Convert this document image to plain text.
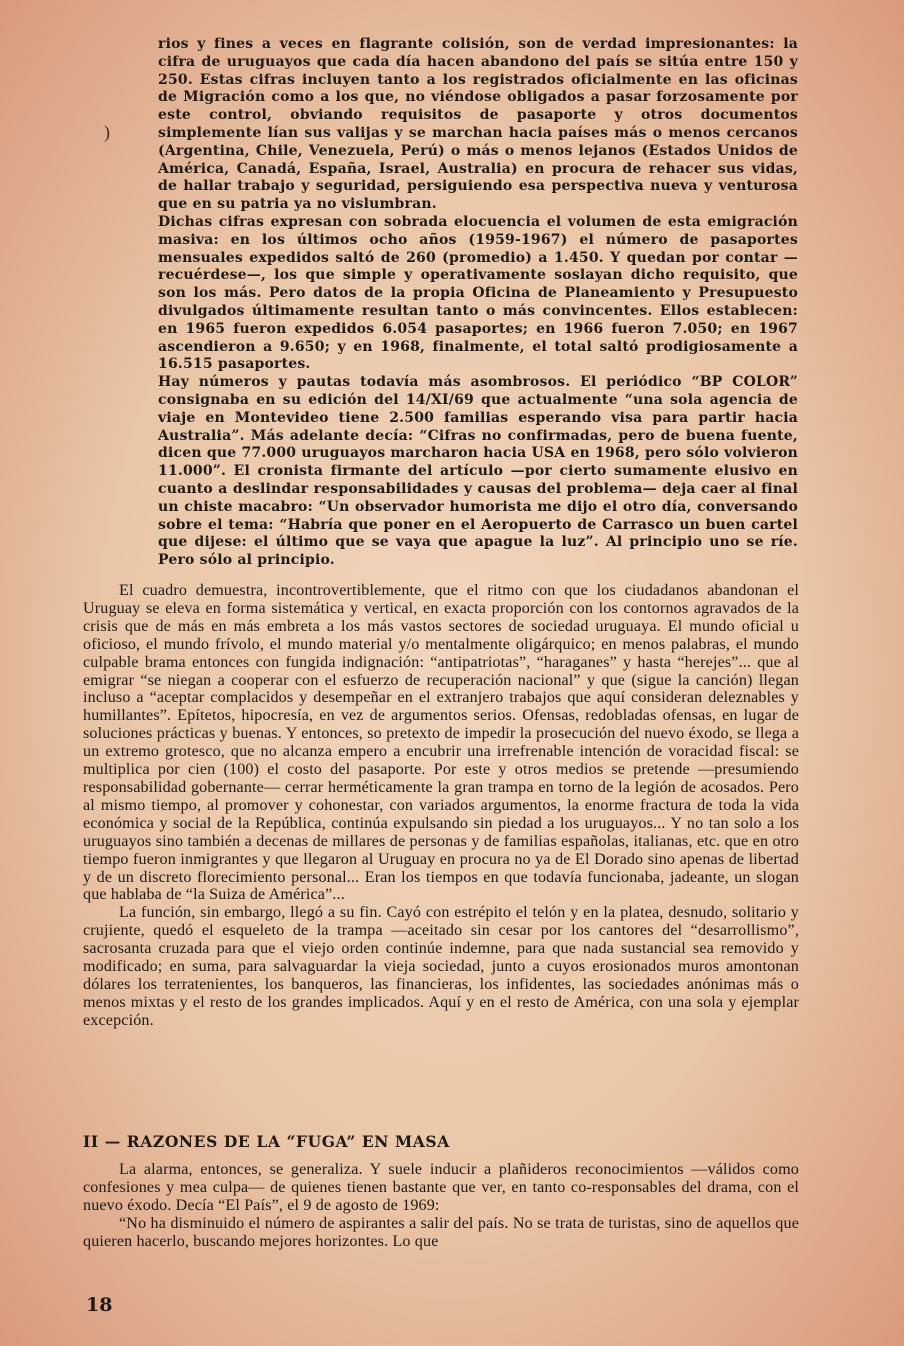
)

rios y fines a veces en flagrante colisión, son de verdad impresionantes: la cifra de uruguayos que cada día hacen abandono del país se sitúa entre 150 y 250. Estas cifras incluyen tanto a los registrados oficialmente en las oficinas de Migración como a los que, no viéndose obligados a pasar forzosamente por este control, obviando requisitos de pasaporte y otros documentos simplemente lían sus valijas y se marchan hacia países más o menos cercanos (Argentina, Chile, Venezuela, Perú) o más o menos lejanos (Estados Unidos de América, Canadá, España, Israel, Australia) en procura de rehacer sus vidas, de hallar trabajo y seguridad, persiguiendo esa perspectiva nueva y venturosa que en su patria ya no vislumbran.

Dichas cifras expresan con sobrada elocuencia el volumen de esta emigración masiva: en los últimos ocho años (1959-1967) el número de pasaportes mensuales expedidos saltó de 260 (promedio) a 1.450. Y quedan por contar —recuérdese—, los que simple y operativamente soslayan dicho requisito, que son los más. Pero datos de la propia Oficina de Planeamiento y Presupuesto divulgados últimamente resultan tanto o más convincentes. Ellos establecen: en 1965 fueron expedidos 6.054 pasaportes; en 1966 fueron 7.050; en 1967 ascendieron a 9.650; y en 1968, finalmente, el total saltó prodigiosamente a 16.515 pasaportes.

Hay números y pautas todavía más asombrosos. El periódico “BP COLOR” consignaba en su edición del 14/XI/69 que actualmente “una sola agencia de viaje en Montevideo tiene 2.500 familias esperando visa para partir hacia Australia”. Más adelante decía: “Cifras no confirmadas, pero de buena fuente, dicen que 77.000 uruguayos marcharon hacia USA en 1968, pero sólo volvieron 11.000”. El cronista firmante del artículo —por cierto sumamente elusivo en cuanto a deslindar responsabilidades y causas del problema— deja caer al final un chiste macabro: “Un observador humorista me dijo el otro día, conversando sobre el tema: “Habría que poner en el Aeropuerto de Carrasco un buen cartel que dijese: el último que se vaya que apague la luz”. Al principio uno se ríe. Pero sólo al principio.

El cuadro demuestra, incontrovertiblemente, que el ritmo con que los ciudadanos abandonan el Uruguay se eleva en forma sistemática y vertical, en exacta proporción con los contornos agravados de la crisis que de más en más embreta a los más vastos sectores de sociedad uruguaya. El mundo oficial u oficioso, el mundo frívolo, el mundo material y/o mentalmente oligárquico; en menos palabras, el mundo culpable brama entonces con fungida indignación: “antipatriotas”, “haraganes” y hasta “herejes”... que al emigrar “se niegan a cooperar con el esfuerzo de recuperación nacional” y que (sigue la canción) llegan incluso a “aceptar complacidos y desempeñar en el extranjero trabajos que aquí consideran deleznables y humillantes”. Epítetos, hipocresía, en vez de argumentos serios. Ofensas, redobladas ofensas, en lugar de soluciones prácticas y buenas. Y entonces, so pretexto de impedir la prosecución del nuevo éxodo, se llega a un extremo grotesco, que no alcanza empero a encubrir una irrefrenable intención de voracidad fiscal: se multiplica por cien (100) el costo del pasaporte. Por este y otros medios se pretende —presumiendo responsabilidad gobernante— cerrar herméticamente la gran trampa en torno de la legión de acosados. Pero al mismo tiempo, al promover y cohonestar, con variados argumentos, la enorme fractura de toda la vida económica y social de la República, continúa expulsando sin piedad a los uruguayos... Y no tan solo a los uruguayos sino también a decenas de millares de personas y de familias españolas, italianas, etc. que en otro tiempo fueron inmigrantes y que llegaron al Uruguay en procura no ya de El Dorado sino apenas de libertad y de un discreto florecimiento personal... Eran los tiempos en que todavía funcionaba, jadeante, un slogan que hablaba de “la Suiza de América”...

La función, sin embargo, llegó a su fin. Cayó con estrépito el telón y en la platea, desnudo, solitario y crujiente, quedó el esqueleto de la trampa —aceitado sin cesar por los cantores del “desarrollismo”, sacrosanta cruzada para que el viejo orden continúe indemne, para que nada sustancial sea removido y modificado; en suma, para salvaguardar la vieja sociedad, junto a cuyos erosionados muros amontonan dólares los terratenientes, los banqueros, las financieras, los infidentes, las sociedades anónimas más o menos mixtas y el resto de los grandes implicados. Aquí y en el resto de América, con una sola y ejemplar excepción.

II — RAZONES DE LA “FUGA” EN MASA

La alarma, entonces, se generaliza. Y suele inducir a plañideros reconocimientos —válidos como confesiones y mea culpa— de quienes tienen bastante que ver, en tanto co-responsables del drama, con el nuevo éxodo. Decía “El País”, el 9 de agosto de 1969:

“No ha disminuido el número de aspirantes a salir del país. No se trata de turistas, sino de aquellos que quieren hacerlo, buscando mejores horizontes. Lo que

18
